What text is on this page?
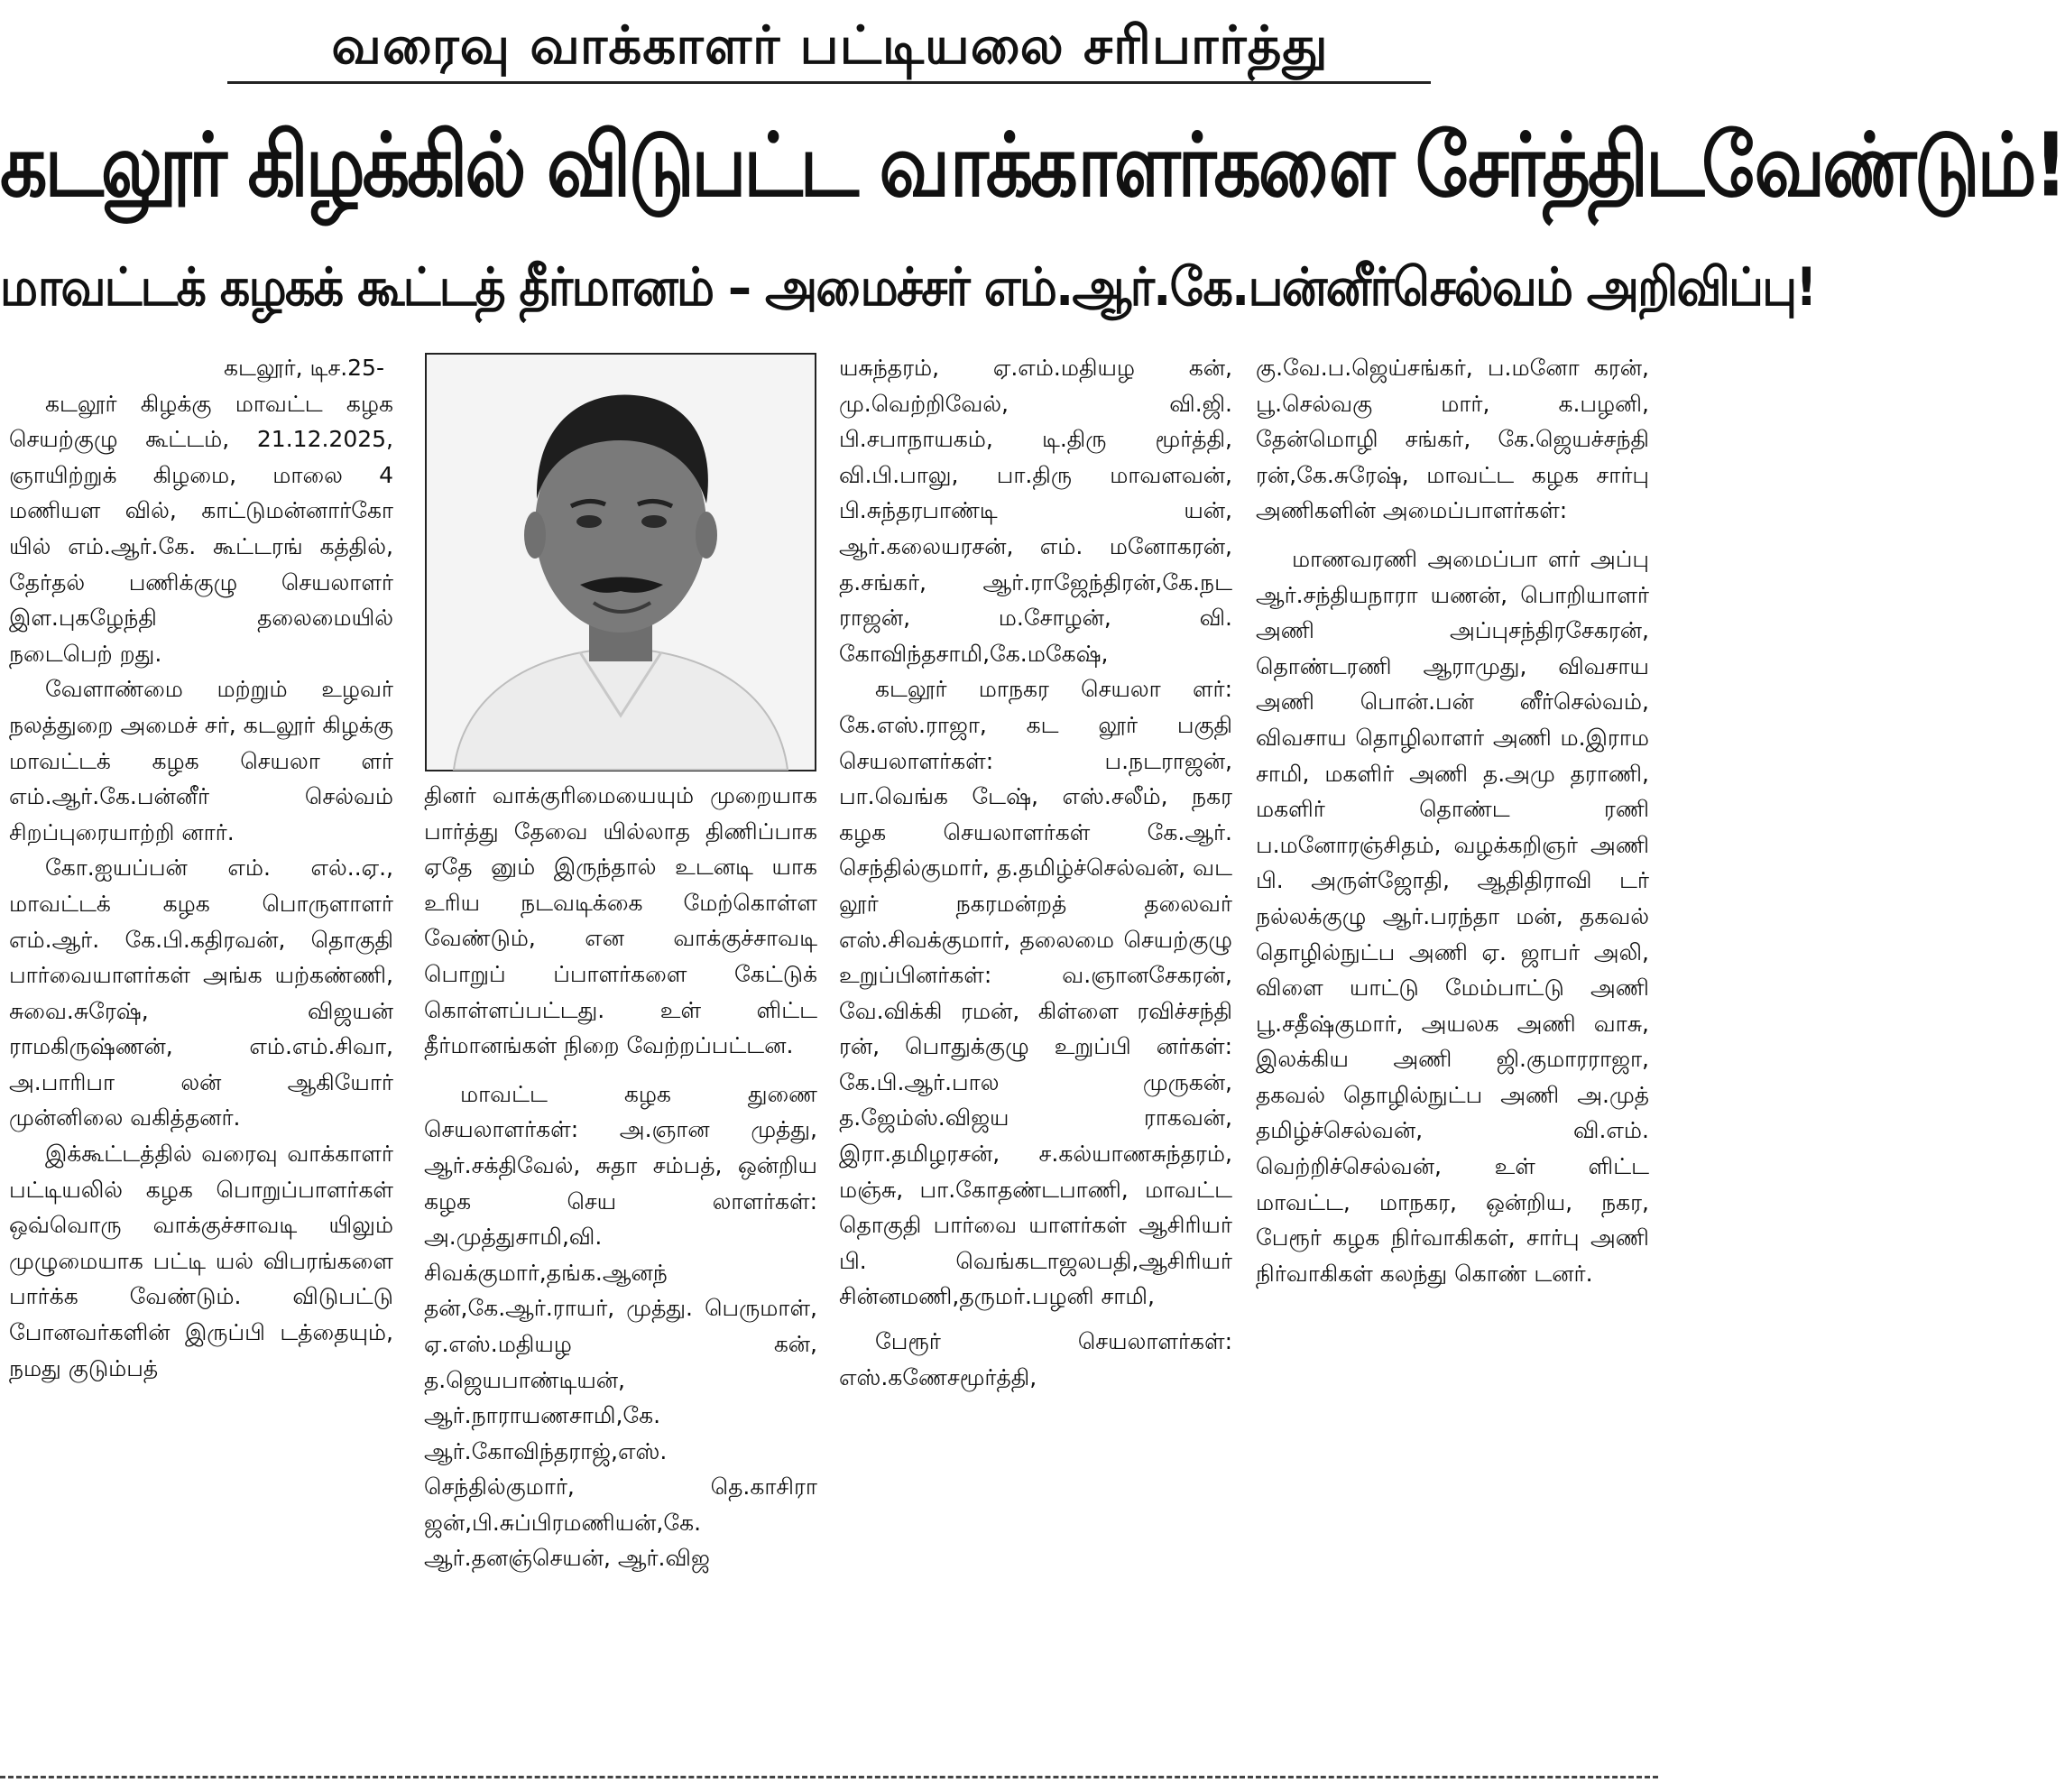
வரைவு வாக்காளர் பட்டியலை சரிபார்த்து
கடலூர் கிழக்கில் விடுபட்ட வாக்காளர்களை சேர்த்திடவேண்டும்!
மாவட்டக் கழகக் கூட்டத் தீர்மானம் – அமைச்சர் எம்.ஆர்.கே.பன்னீர்செல்வம் அறிவிப்பு!

கடலூர், டிச.25-

கடலூர் கிழக்கு மாவட்ட கழக செயற்குழு கூட்டம், 21.12.2025, ஞாயிற்றுக் கிழமை, மாலை 4 மணியள வில், காட்டுமன்னார்கோ யில் எம்.ஆர்.கே. கூட்டரங் கத்தில், தேர்தல் பணிக்குழு செயலாளர் இள.புகழேந்தி தலைமையில் நடைபெற் றது.

வேளாண்மை மற்றும் உழவர் நலத்துறை அமைச் சர், கடலூர் கிழக்கு மாவட்டக் கழக செயலா ளர் எம்.ஆர்.கே.பன்னீர் செல்வம் சிறப்புரையாற்றி னார்.

கோ.ஐயப்பன் எம். எல்..ஏ., மாவட்டக் கழக பொருளாளர் எம்.ஆர். கே.பி.கதிரவன், தொகுதி பார்வையாளர்கள் அங்க யற்கண்ணி, சுவை.சுரேஷ், விஜயன் ராமகிருஷ்ணன், எம்.எம்.சிவா, அ.பாரிபா லன் ஆகியோர் முன்னிலை வகித்தனர்.

இக்கூட்டத்தில் வரைவு வாக்காளர் பட்டியலில் கழக பொறுப்பாளர்கள் ஒவ்வொரு வாக்குச்சாவடி யிலும் முழுமையாக பட்டி யல் விபரங்களை பார்க்க வேண்டும். விடுபட்டு போனவர்களின் இருப்பி டத்தையும், நமது குடும்பத்

தினர் வாக்குரிமையையும் முறையாக பார்த்து தேவை யில்லாத திணிப்பாக ஏதே னும் இருந்தால் உடனடி யாக உரிய நடவடிக்கை மேற்கொள்ள வேண்டும், என வாக்குச்சாவடி பொறுப் ப்பாளர்களை கேட்டுக் கொள்ளப்பட்டது. உள் ளிட்ட தீர்மானங்கள் நிறை வேற்றப்பட்டன.

மாவட்ட கழக துணை செயலாளர்கள்: அ.ஞான முத்து, ஆர்.சக்திவேல், சுதா சம்பத், ஒன்றிய கழக செய லாளர்கள்: அ.முத்துசாமி,வி. சிவக்குமார்,தங்க.ஆனந் தன்,கே.ஆர்.ராயர், முத்து. பெருமாள், ஏ.எஸ்.மதியழ கன், த.ஜெயபாண்டியன், ஆர்.நாராயணசாமி,கே. ஆர்.கோவிந்தராஜ்,எஸ். செந்தில்குமார், தெ.காசிரா ஜன்,பி.சுப்பிரமணியன்,கே. ஆர்.தனஞ்செயன், ஆர்.விஜ

யசுந்தரம், ஏ.எம்.மதியழ கன், மு.வெற்றிவேல், வி.ஜி. பி.சபாநாயகம், டி.திரு மூர்த்தி, வி.பி.பாலு, பா.திரு மாவளவன், பி.சுந்தரபாண்டி யன், ஆர்.கலையரசன், எம். மனோகரன், த.சங்கர், ஆர்.ராஜேந்திரன்,கே.நட ராஜன், ம.சோழன், வி. கோவிந்தசாமி,கே.மகேஷ்,

கடலூர் மாநகர செயலா ளர்: கே.எஸ்.ராஜா, கட லூர் பகுதி செயலாளர்கள்: ப.நடராஜன், பா.வெங்க டேஷ், எஸ்.சலீம், நகர கழக செயலாளர்கள் கே.ஆர். செந்தில்குமார், த.தமிழ்ச்செல்வன், வட லூர் நகரமன்றத் தலைவர் எஸ்.சிவக்குமார், தலைமை செயற்குழு உறுப்பினர்கள்: வ.ஞானசேகரன், வே.விக்கி ரமன், கிள்ளை ரவிச்சந்தி ரன், பொதுக்குழு உறுப்பி னர்கள்: கே.பி.ஆர்.பால முருகன், த.ஜேம்ஸ்.விஜய ராகவன், இரா.தமிழரசன், ச.கல்யாணசுந்தரம், மஞ்சு, பா.கோதண்டபாணி, மாவட்ட தொகுதி பார்வை யாளர்கள் ஆசிரியர் பி. வெங்கடாஜலபதி,ஆசிரியர் சின்னமணி,தருமர்.பழனி சாமி,

பேரூர் செயலாளர்கள்: எஸ்.கணேசமூர்த்தி,

கு.வே.ப.ஜெய்சங்கர், ப.மனோ கரன், பூ.செல்வகு மார், க.பழனி, தேன்மொழி சங்கர், கே.ஜெயச்சந்தி ரன்,கே.சுரேஷ், மாவட்ட கழக சார்பு அணிகளின் அமைப்பாளர்கள்:

மாணவரணி அமைப்பா ளர் அப்பு ஆர்.சந்தியநாரா யணன், பொறியாளர் அணி அப்புசந்திரசேகரன், தொண்டரணி ஆராமுது, விவசாய அணி பொன்.பன் னீர்செல்வம், விவசாய தொழிலாளர் அணி ம.இராம சாமி, மகளிர் அணி த.அமு தராணி, மகளிர் தொண்ட ரணி ப.மனோரஞ்சிதம், வழக்கறிஞர் அணி பி. அருள்ஜோதி, ஆதிதிராவி டர் நல்லக்குழு ஆர்.பரந்தா மன், தகவல் தொழில்நுட்ப அணி ஏ. ஜாபர் அலி, விளை யாட்டு மேம்பாட்டு அணி பூ.சதீஷ்குமார், அயலக அணி வாசு, இலக்கிய அணி ஜி.குமாரராஜா, தகவல் தொழில்நுட்ப அணி அ.முத் தமிழ்ச்செல்வன், வி.எம். வெற்றிச்செல்வன், உள் ளிட்ட மாவட்ட, மாநகர, ஒன்றிய, நகர, பேரூர் கழக நிர்வாகிகள், சார்பு அணி நிர்வாகிகள் கலந்து கொண் டனர்.
